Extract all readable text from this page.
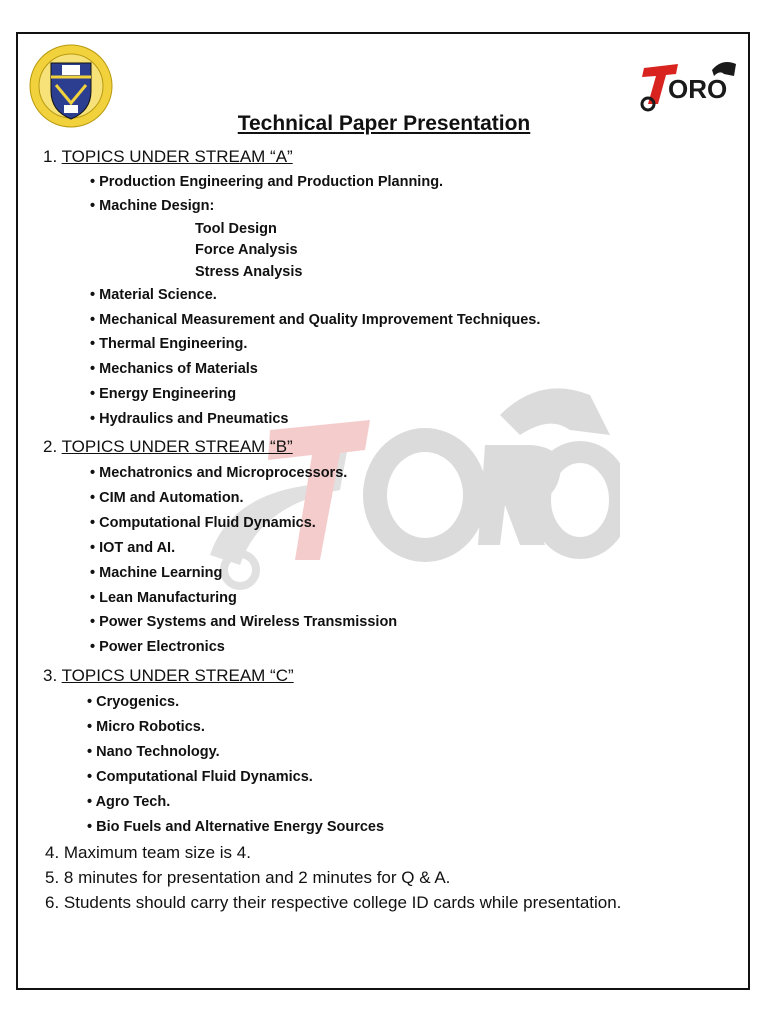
ORO
Technical Paper Presentation
1. TOPICS UNDER STREAM “A”
• Production Engineering and Production Planning.
• Machine Design:
Tool Design
Force Analysis
Stress Analysis
• Material Science.
• Mechanical Measurement and Quality Improvement Techniques.
• Thermal Engineering.
• Mechanics of Materials
• Energy Engineering
• Hydraulics and Pneumatics
2. TOPICS UNDER STREAM “B”
• Mechatronics and Microprocessors.
• CIM and Automation.
• Computational Fluid Dynamics.
• IOT and AI.
• Machine Learning
• Lean Manufacturing
• Power Systems and Wireless Transmission
• Power Electronics
3. TOPICS UNDER STREAM “C”
• Cryogenics.
• Micro Robotics.
• Nano Technology.
• Computational Fluid Dynamics.
• Agro Tech.
• Bio Fuels and Alternative Energy Sources
4. Maximum team size is 4.
5. 8 minutes for presentation and 2 minutes for Q & A.
6. Students should carry their respective college ID cards while presentation.
